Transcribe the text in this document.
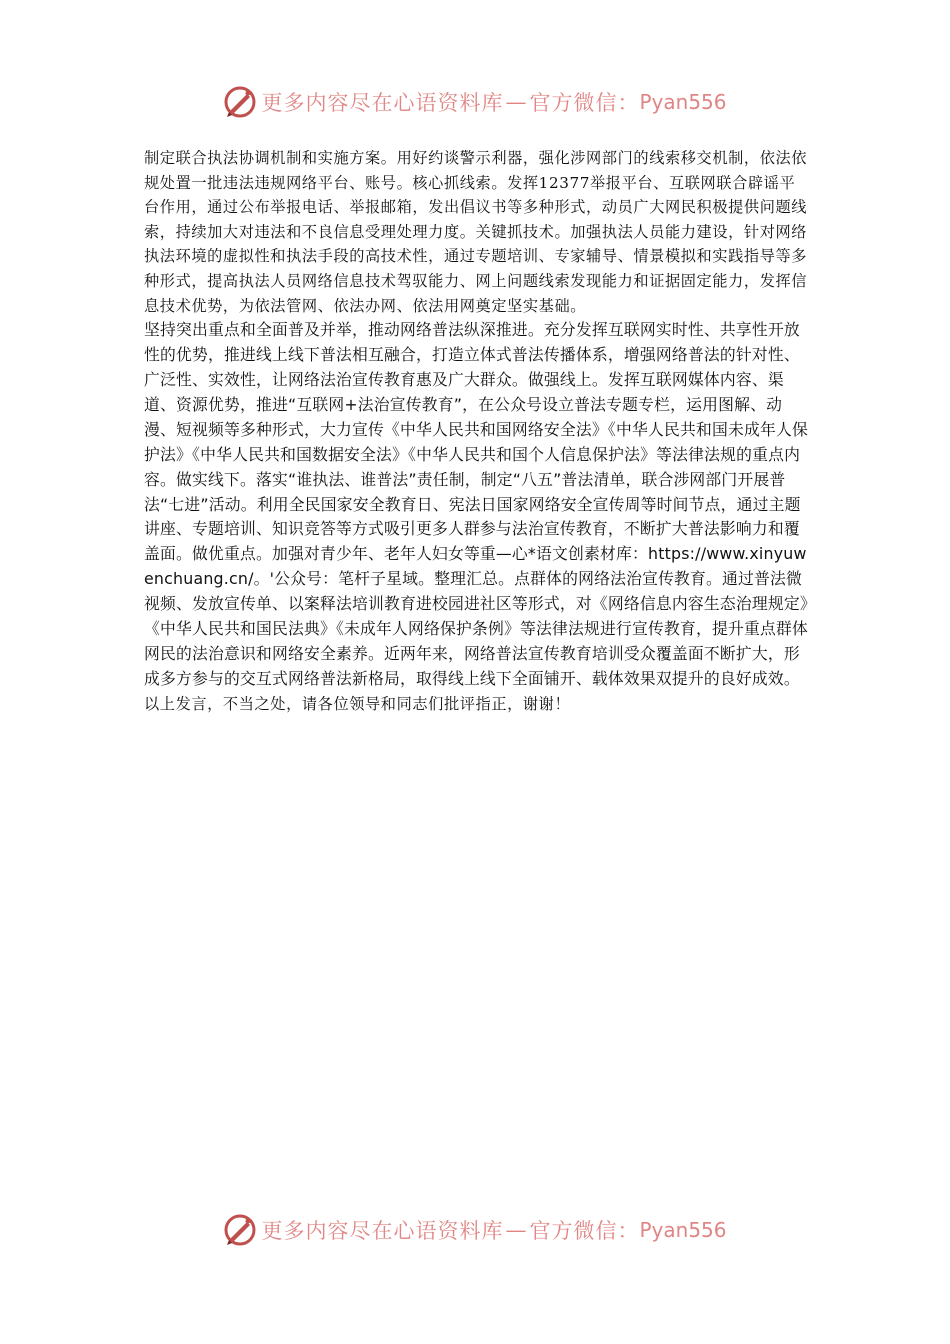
更多内容尽在心语资料库 — 官方微信： Pyan556

制定联合执法协调机制和实施方案。用好约谈警示利器，强化涉网部门的线索移交机制，依法依规处置一批违法违规网络平台、账号。核心抓线索。发挥12377举报平台、互联网联合辟谣平台作用，通过公布举报电话、举报邮箱，发出倡议书等多种形式，动员广大网民积极提供问题线索，持续加大对违法和不良信息受理处理力度。关键抓技术。加强执法人员能力建设，针对网络执法环境的虚拟性和执法手段的高技术性，通过专题培训、专家辅导、情景模拟和实践指导等多种形式，提高执法人员网络信息技术驾驭能力、网上问题线索发现能力和证据固定能力，发挥信息技术优势，为依法管网、依法办网、依法用网奠定坚实基础。

坚持突出重点和全面普及并举，推动网络普法纵深推进。充分发挥互联网实时性、共享性开放性的优势，推进线上线下普法相互融合，打造立体式普法传播体系，增强网络普法的针对性、广泛性、实效性，让网络法治宣传教育惠及广大群众。做强线上。发挥互联网媒体内容、渠道、资源优势，推进“互联网+法治宣传教育”，在公众号设立普法专题专栏，运用图解、动漫、短视频等多种形式，大力宣传《中华人民共和国网络安全法》《中华人民共和国未成年人保护法》《中华人民共和国数据安全法》《中华人民共和国个人信息保护法》等法律法规的重点内容。做实线下。落实“谁执法、谁普法”责任制，制定“八五”普法清单，联合涉网部门开展普法“七进”活动。利用全民国家安全教育日、宪法日国家网络安全宣传周等时间节点，通过主题讲座、专题培训、知识竞答等方式吸引更多人群参与法治宣传教育，不断扩大普法影响力和覆盖面。做优重点。加强对青少年、老年人妇女等重—心*语文创素材库：https://www.xinyuwenchuang.cn/。'公众号：笔杆子星域。整理汇总。点群体的网络法治宣传教育。通过普法微视频、发放宣传单、以案释法培训教育进校园进社区等形式，对《网络信息内容生态治理规定》《中华人民共和国民法典》《未成年人网络保护条例》等法律法规进行宣传教育，提升重点群体网民的法治意识和网络安全素养。近两年来，网络普法宣传教育培训受众覆盖面不断扩大，形成多方参与的交互式网络普法新格局，取得线上线下全面铺开、载体效果双提升的良好成效。

以上发言，不当之处，请各位领导和同志们批评指正，谢谢！

更多内容尽在心语资料库 — 官方微信： Pyan556
